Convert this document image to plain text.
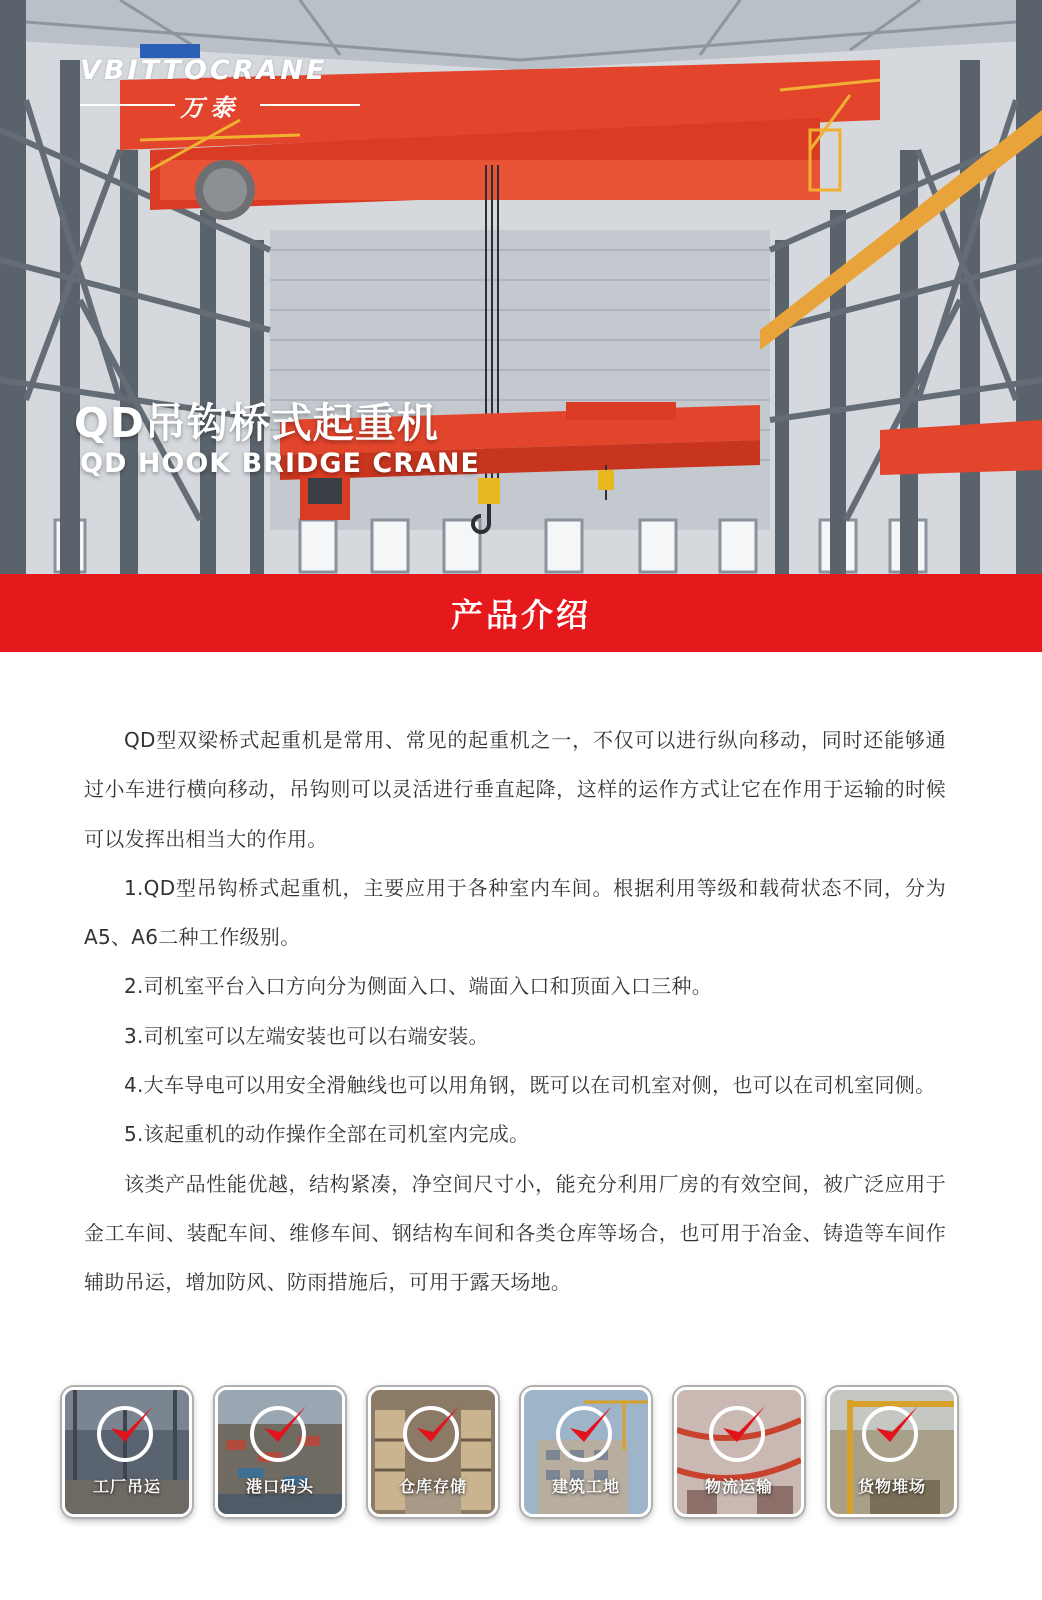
VBITTOCRANE
万泰
QD吊钩桥式起重机
QD HOOK BRIDGE CRANE
产品介绍

QD型双梁桥式起重机是常用、常见的起重机之一，不仅可以进行纵向移动，同时还能够通过小车进行横向移动，吊钩则可以灵活进行垂直起降，这样的运作方式让它在作用于运输的时候可以发挥出相当大的作用。

1.QD型吊钩桥式起重机，主要应用于各种室内车间。根据利用等级和载荷状态不同，分为A5、A6二种工作级别。

2.司机室平台入口方向分为侧面入口、端面入口和顶面入口三种。

3.司机室可以左端安装也可以右端安装。

4.大车导电可以用安全滑触线也可以用角钢，既可以在司机室对侧，也可以在司机室同侧。

5.该起重机的动作操作全部在司机室内完成。

该类产品性能优越，结构紧凑，净空间尺寸小，能充分利用厂房的有效空间，被广泛应用于金工车间、装配车间、维修车间、钢结构车间和各类仓库等场合，也可用于冶金、铸造等车间作辅助吊运，增加防风、防雨措施后，可用于露天场地。

工厂吊运	港口码头	仓库存储	建筑工地	物流运输	货物堆场
